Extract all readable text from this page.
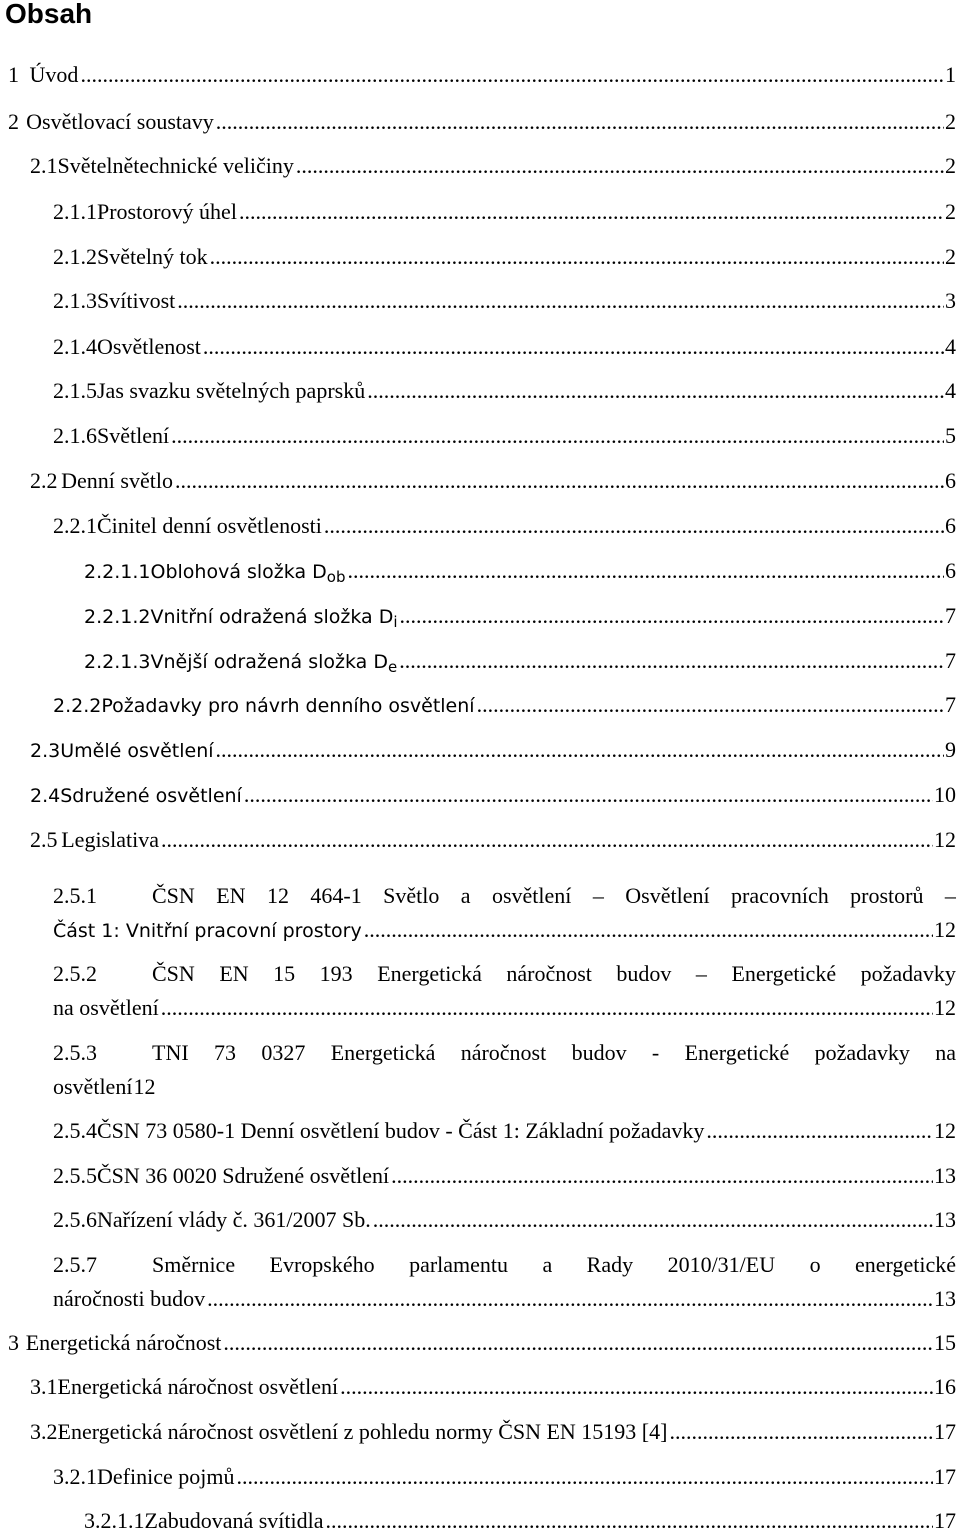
Obsah
1 Úvod .....	1
2 Osvětlovací soustavy .....	2
2.1 Světelnětechnické veličiny .....	2
2.1.1 Prostorový úhel .....	2
2.1.2 Světelný tok .....	2
2.1.3 Svítivost .....	3
2.1.4 Osvětlenost .....	4
2.1.5 Jas svazku světelných paprsků .....	4
2.1.6 Světlení .....	5
2.2 Denní světlo .....	6
2.2.1 Činitel denní osvětlenosti .....	6
2.2.1.1 Oblohová složka $D_{ob}$ .....	6
2.2.1.2 Vnitřní odražená složka $D_i$ .....	7
2.2.1.3 Vnější odražená složka $D_e$ .....	7
2.2.2 Požadavky pro návrh denního osvětlení .....	7
2.3 Umělé osvětlení .....	9
2.4 Sdružené osvětlení .....	10
2.5 Legislativa .....	12
2.5.1	ČSN EN 12 464-1 Světlo a osvětlení – Osvětlení pracovních prostorů –
Část 1: Vnitřní pracovní prostory .....	12
2.5.2	ČSN EN 15 193 Energetická náročnost budov – Energetické požadavky
na osvětlení .....	12
2.5.3	TNI 73 0327 Energetická náročnost budov - Energetické požadavky na
osvětlení 12
2.5.4 ČSN 73 0580-1 Denní osvětlení budov - Část 1: Základní požadavky .....	12
2.5.5 ČSN 36 0020 Sdružené osvětlení .....	13
2.5.6 Nařízení vlády č. 361/2007 Sb. .....	13
2.5.7	Směrnice Evropského parlamentu a Rady 2010/31/EU o energetické
náročnosti budov .....	13
3 Energetická náročnost .....	15
3.1 Energetická náročnost osvětlení .....	16
3.2 Energetická náročnost osvětlení z pohledu normy ČSN EN 15193 [4] .....	17
3.2.1 Definice pojmů .....	17
3.2.1.1 Zabudovaná svítidla .....	17
